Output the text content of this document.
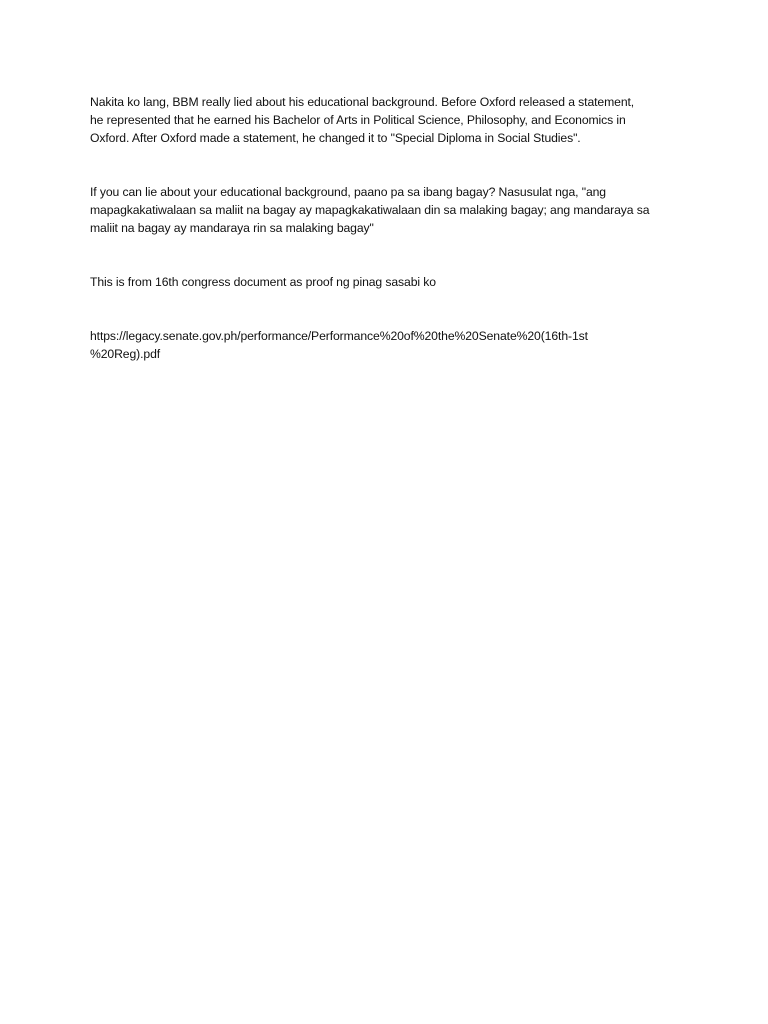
Nakita ko lang, BBM really lied about his educational background. Before Oxford released a statement,
he represented that he earned his Bachelor of Arts in Political Science, Philosophy, and Economics in
Oxford. After Oxford made a statement, he changed it to "Special Diploma in Social Studies".

If you can lie about your educational background, paano pa sa ibang bagay? Nasusulat nga, "ang
mapagkakatiwalaan sa maliit na bagay ay mapagkakatiwalaan din sa malaking bagay; ang mandaraya sa
maliit na bagay ay mandaraya rin sa malaking bagay"

This is from 16th congress document as proof ng pinag sasabi ko

https://legacy.senate.gov.ph/performance/Performance%20of%20the%20Senate%20(16th-1st
%20Reg).pdf
